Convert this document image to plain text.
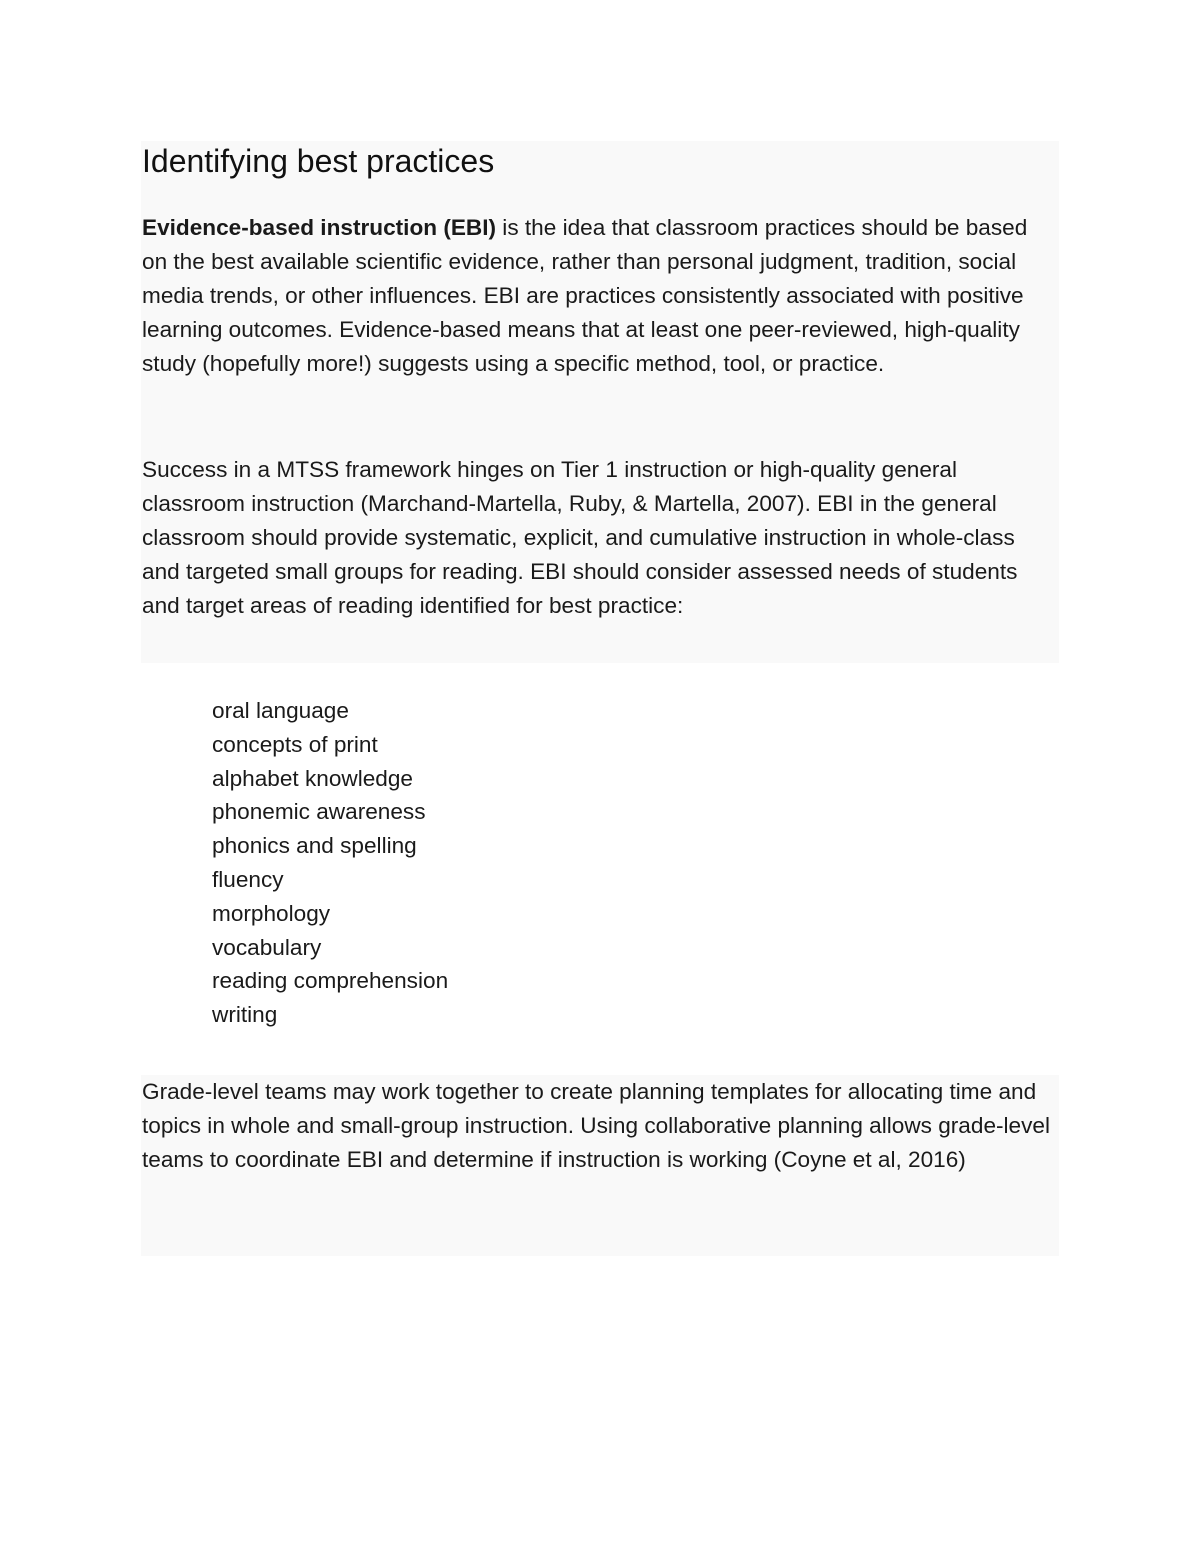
Identifying best practices

Evidence-based instruction (EBI) is the idea that classroom practices should be based on the best available scientific evidence, rather than personal judgment, tradition, social media trends, or other influences. EBI are practices consistently associated with positive learning outcomes. Evidence-based means that at least one peer-reviewed, high-quality study (hopefully more!) suggests using a specific method, tool, or practice.

Success in a MTSS framework hinges on Tier 1 instruction or high-quality general classroom instruction (Marchand-Martella, Ruby, & Martella, 2007). EBI in the general classroom should provide systematic, explicit, and cumulative instruction in whole-class and targeted small groups for reading. EBI should consider assessed needs of students and target areas of reading identified for best practice:

oral language
concepts of print
alphabet knowledge
phonemic awareness
phonics and spelling
fluency
morphology
vocabulary
reading comprehension
writing

Grade-level teams may work together to create planning templates for allocating time and topics in whole and small-group instruction. Using collaborative planning allows grade-level teams to coordinate EBI and determine if instruction is working (Coyne et al, 2016)
